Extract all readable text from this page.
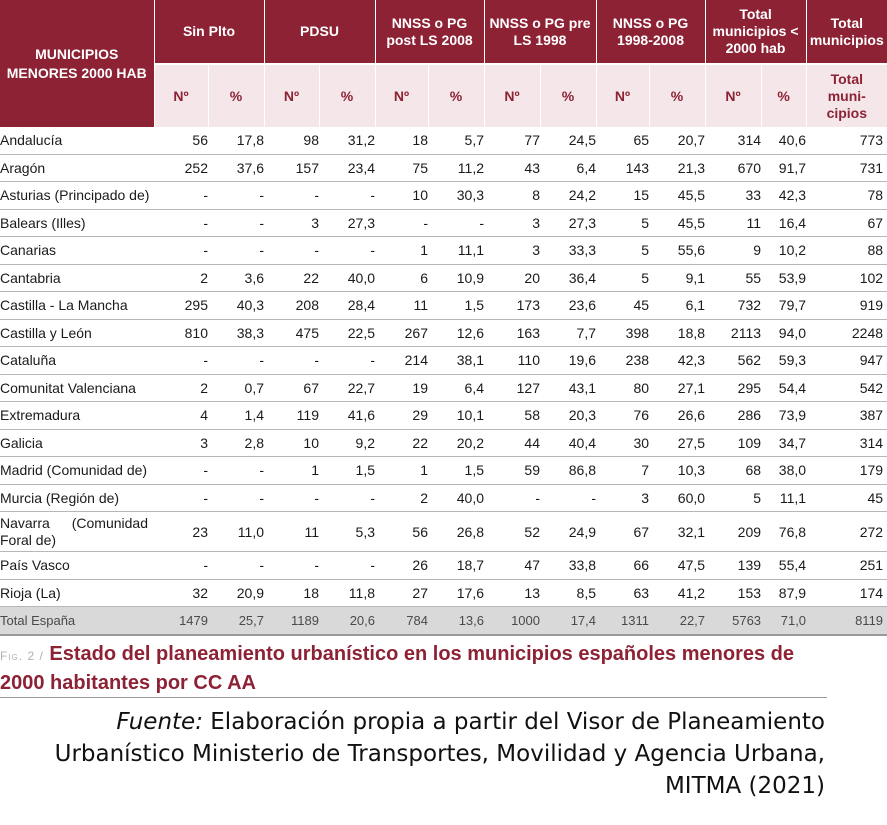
MUNICIPIOS MENORES 2000 HAB	Sin Plto		PDSU		NNSS o PG post LS 2008		NNSS o PG pre LS 1998		NNSS o PG 1998-2008		Total municipios < 2000 hab		Total municipios
	Nº	%	Nº	%	Nº	%	Nº	%	Nº	%	Nº	%	Total
muni-
cipios
Andalucía	56	17,8	98	31,2	18	5,7	77	24,5	65	20,7	314	40,6	773
Aragón	252	37,6	157	23,4	75	11,2	43	6,4	143	21,3	670	91,7	731
Asturias (Principado de)	-	-	-	-	10	30,3	8	24,2	15	45,5	33	42,3	78
Balears (Illes)	-	-	3	27,3	-	-	3	27,3	5	45,5	11	16,4	67
Canarias	-	-	-	-	1	11,1	3	33,3	5	55,6	9	10,2	88
Cantabria	2	3,6	22	40,0	6	10,9	20	36,4	5	9,1	55	53,9	102
Castilla - La Mancha	295	40,3	208	28,4	11	1,5	173	23,6	45	6,1	732	79,7	919
Castilla y León	810	38,3	475	22,5	267	12,6	163	7,7	398	18,8	2113	94,0	2248
Cataluña	-	-	-	-	214	38,1	110	19,6	238	42,3	562	59,3	947
Comunitat Valenciana	2	0,7	67	22,7	19	6,4	127	43,1	80	27,1	295	54,4	542
Extremadura	4	1,4	119	41,6	29	10,1	58	20,3	76	26,6	286	73,9	387
Galicia	3	2,8	10	9,2	22	20,2	44	40,4	30	27,5	109	34,7	314
Madrid (Comunidad de)	-	-	1	1,5	1	1,5	59	86,8	7	10,3	68	38,0	179
Murcia (Región de)	-	-	-	-	2	40,0	-	-	3	60,0	5	11,1	45
Navarra (Comunidad Foral de)	23	11,0	11	5,3	56	26,8	52	24,9	67	32,1	209	76,8	272
País Vasco	-	-	-	-	26	18,7	47	33,8	66	47,5	139	55,4	251
Rioja (La)	32	20,9	18	11,8	27	17,6	13	8,5	63	41,2	153	87,9	174
Total España	1479	25,7	1189	20,6	784	13,6	1000	17,4	1311	22,7	5763	71,0	8119
Fig. 2 / Estado del planeamiento urbanístico en los municipios españoles menores de 2000 habitantes por CC AA
Fuente: Elaboración propia a partir del Visor de Planeamiento Urbanístico Ministerio de Transportes, Movilidad y Agencia Urbana, MITMA (2021)
